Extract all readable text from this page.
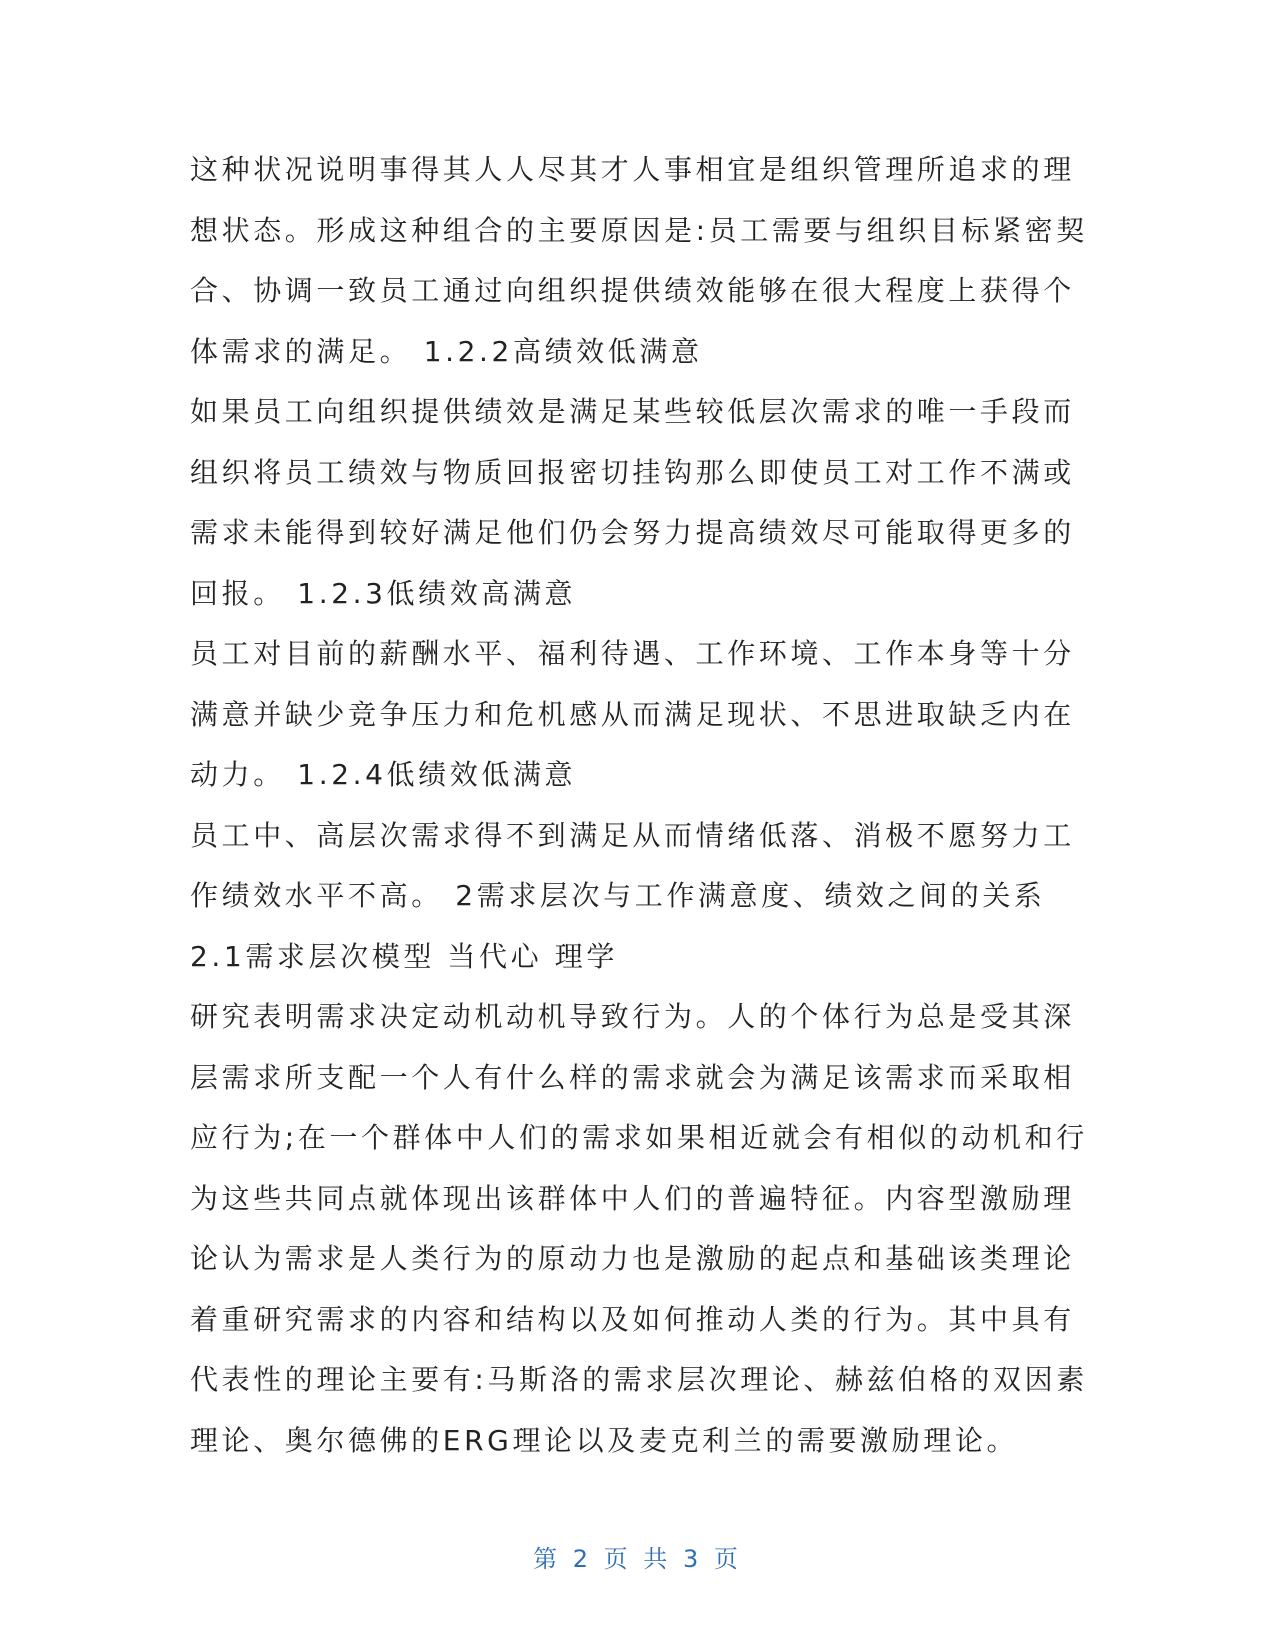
这种状况说明事得其人人尽其才人事相宜是组织管理所追求的理
想状态。形成这种组合的主要原因是:员工需要与组织目标紧密契
合、协调一致员工通过向组织提供绩效能够在很大程度上获得个
体需求的满足。 1.2.2高绩效低满意
如果员工向组织提供绩效是满足某些较低层次需求的唯一手段而
组织将员工绩效与物质回报密切挂钩那么即使员工对工作不满或
需求未能得到较好满足他们仍会努力提高绩效尽可能取得更多的
回报。 1.2.3低绩效高满意
员工对目前的薪酬水平、福利待遇、工作环境、工作本身等十分
满意并缺少竞争压力和危机感从而满足现状、不思进取缺乏内在
动力。 1.2.4低绩效低满意
员工中、高层次需求得不到满足从而情绪低落、消极不愿努力工
作绩效水平不高。 2需求层次与工作满意度、绩效之间的关系
2.1需求层次模型 当代心 理学
研究表明需求决定动机动机导致行为。人的个体行为总是受其深
层需求所支配一个人有什么样的需求就会为满足该需求而采取相
应行为;在一个群体中人们的需求如果相近就会有相似的动机和行
为这些共同点就体现出该群体中人们的普遍特征。内容型激励理
论认为需求是人类行为的原动力也是激励的起点和基础该类理论
着重研究需求的内容和结构以及如何推动人类的行为。其中具有
代表性的理论主要有:马斯洛的需求层次理论、赫兹伯格的双因素
理论、奥尔德佛的ERG理论以及麦克利兰的需要激励理论。
第 2 页 共 3 页
